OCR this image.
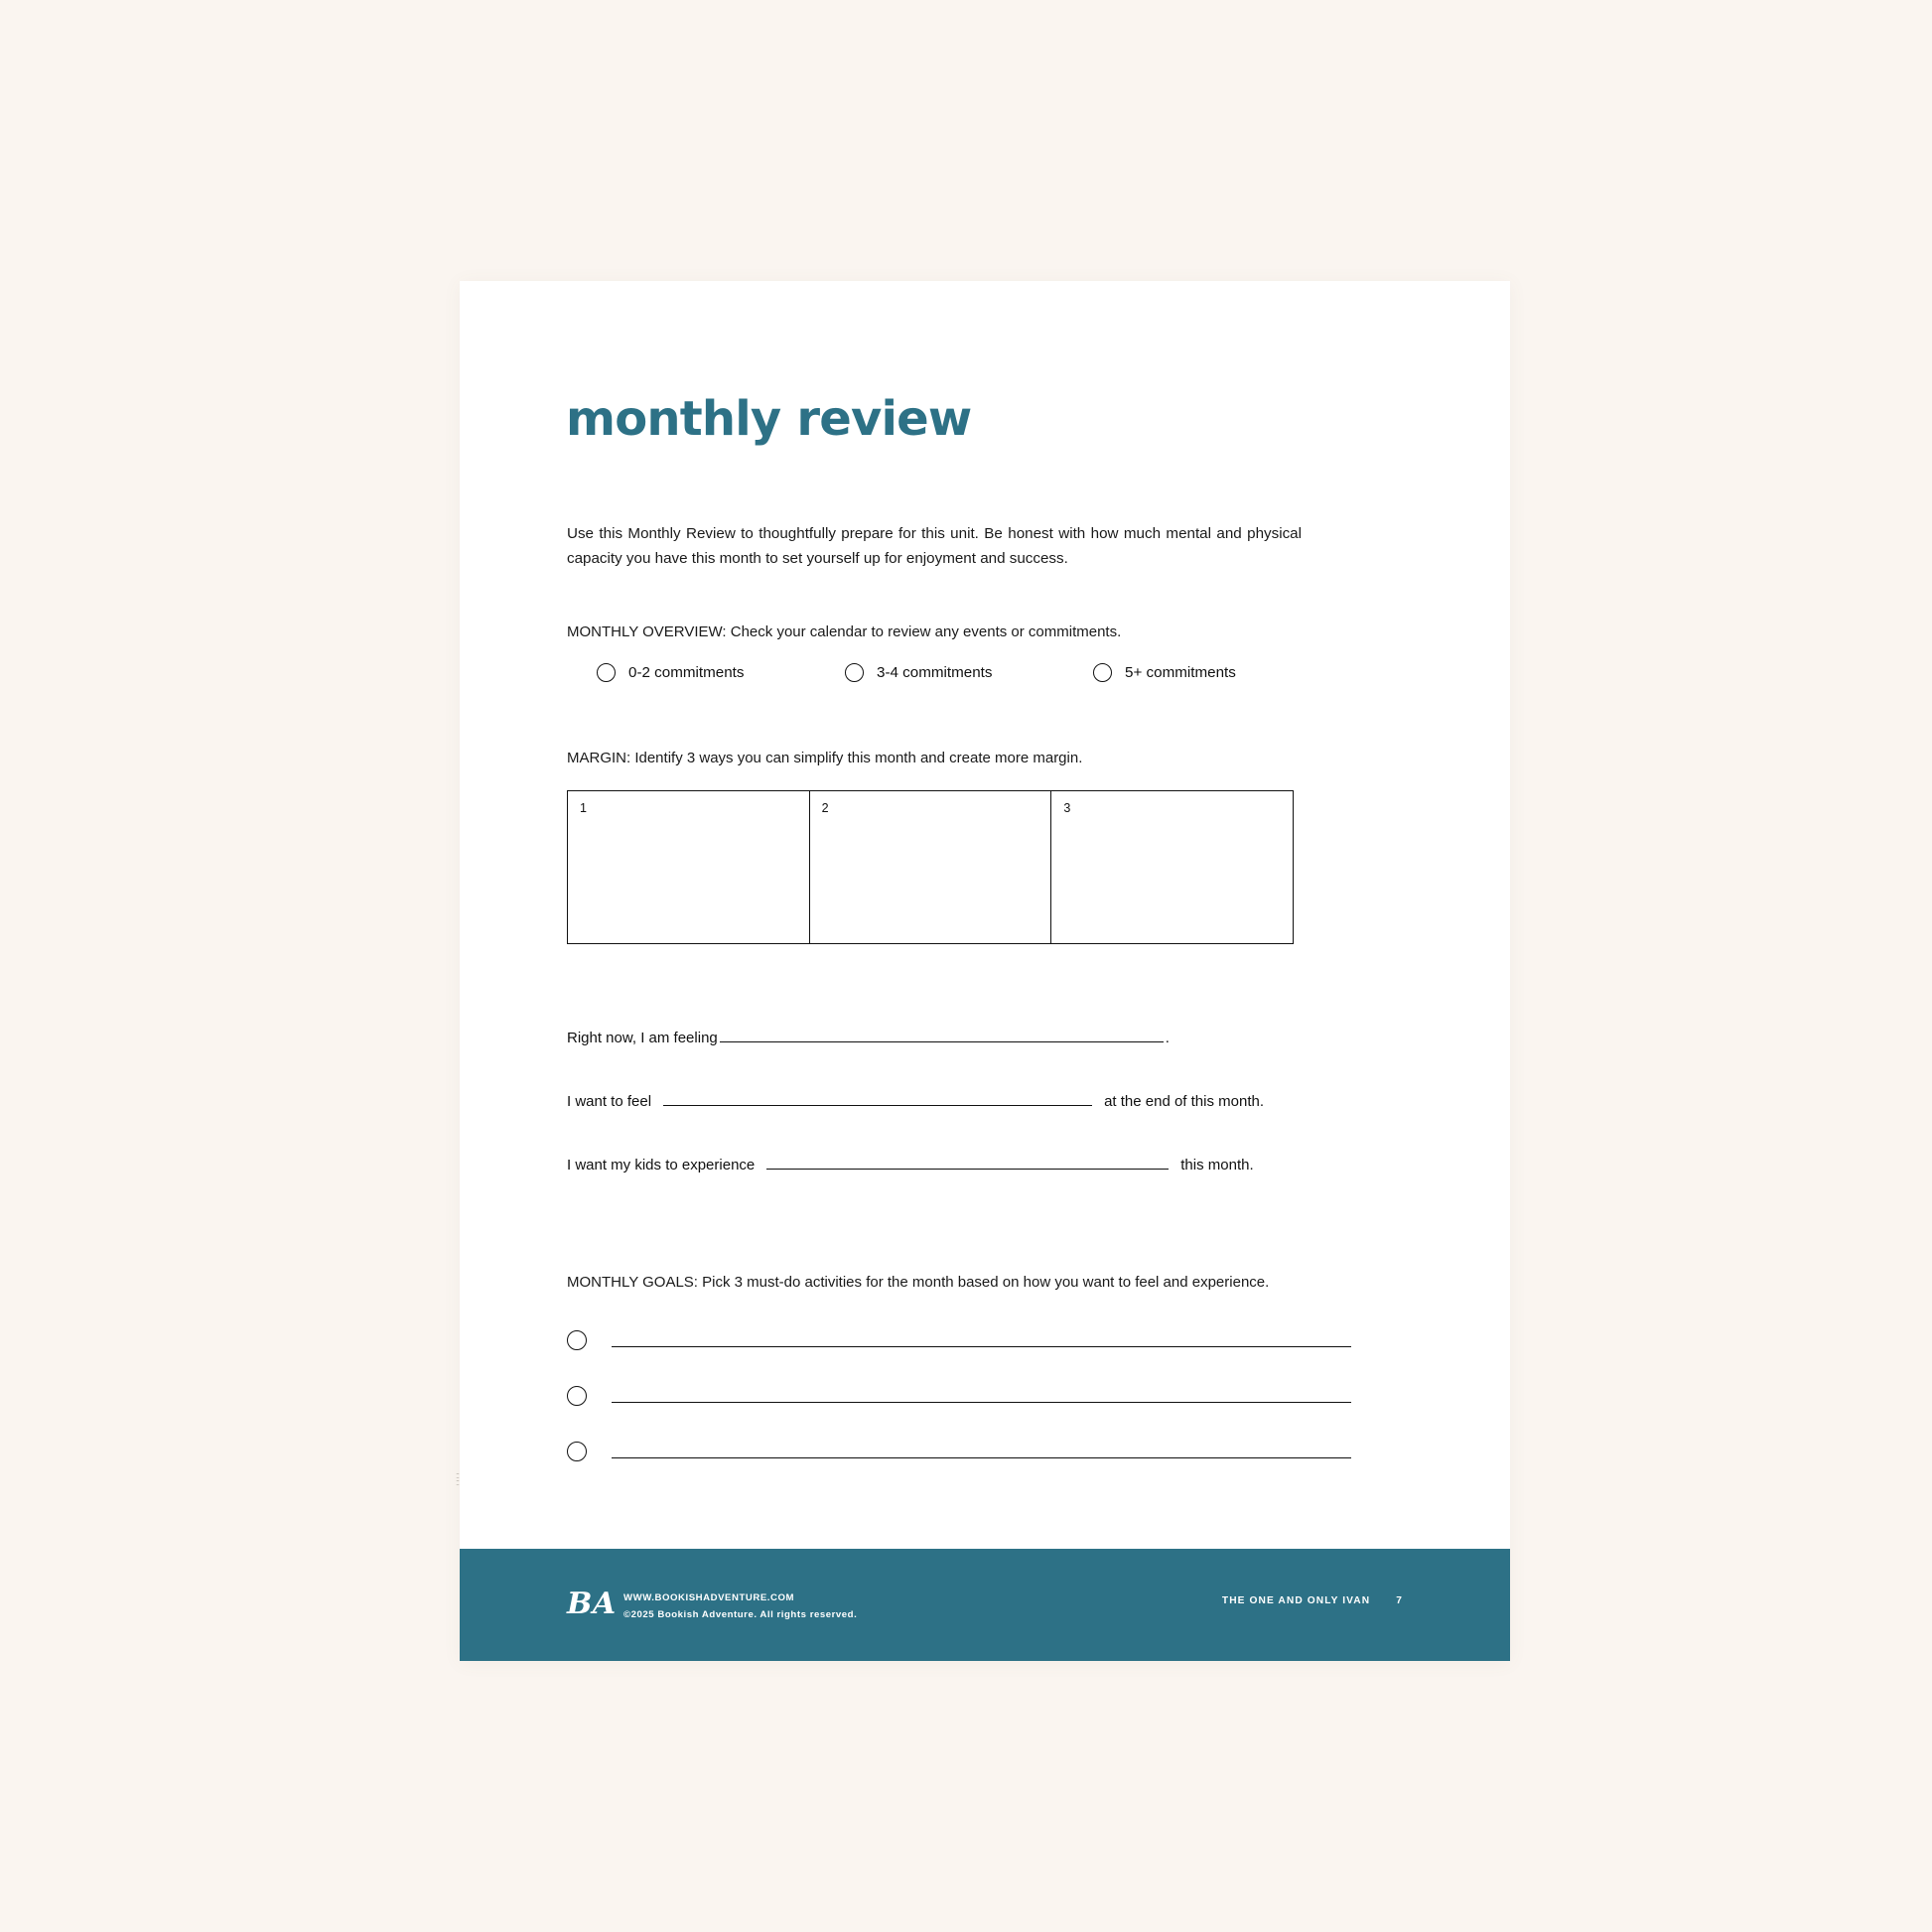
monthly review
Use this Monthly Review to thoughtfully prepare for this unit. Be honest with how much mental and physical capacity you have this month to set yourself up for enjoyment and success.
MONTHLY OVERVIEW: Check your calendar to review any events or commitments.
0-2 commitments	3-4 commitments	5+ commitments
MARGIN: Identify 3 ways you can simplify this month and create more margin.
1	2	3
Right now, I am feeling	.
I want to feel	at the end of this month.
I want my kids to experience	this month.
MONTHLY GOALS: Pick 3 must-do activities for the month based on how you want to feel and experience.
::
::
BA WWW.BOOKISHADVENTURE.COM
©2025 Bookish Adventure. All rights reserved.
THE ONE AND ONLY IVAN	7
